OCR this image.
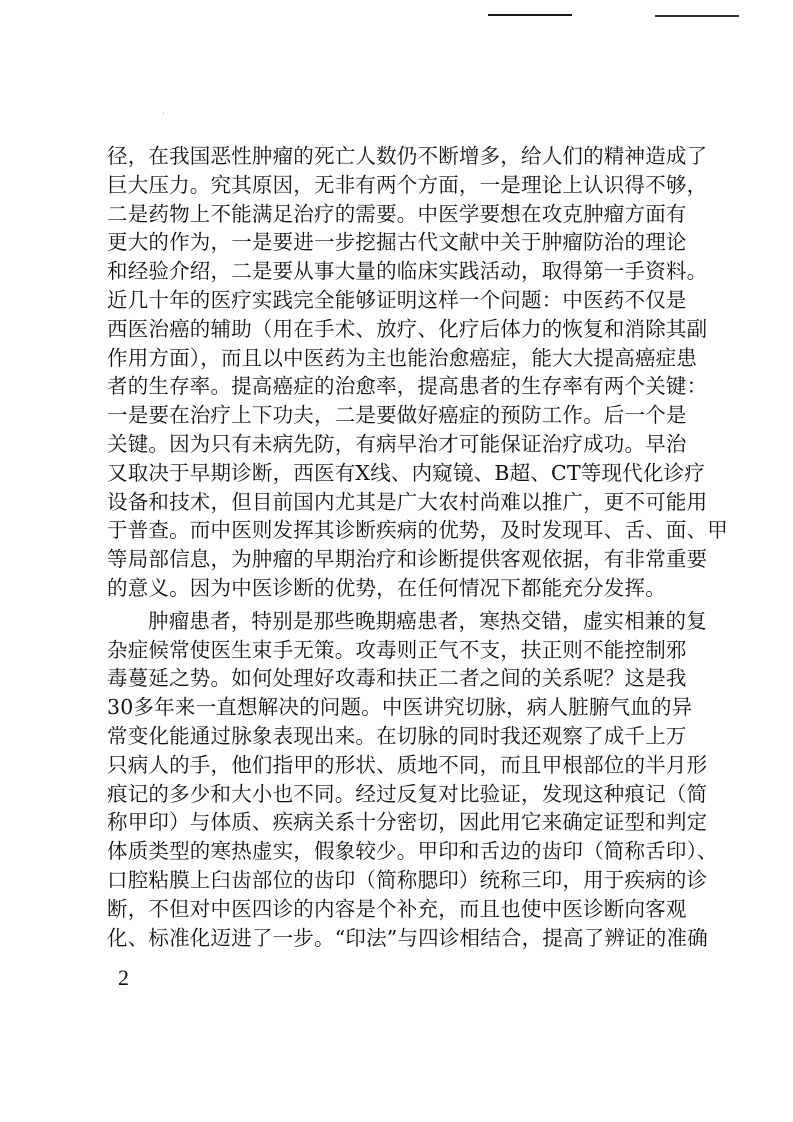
径，在我国恶性肿瘤的死亡人数仍不断增多，给人们的精神造成了
巨大压力。究其原因，无非有两个方面，一是理论上认识得不够，
二是药物上不能满足治疗的需要。中医学要想在攻克肿瘤方面有
更大的作为，一是要进一步挖掘古代文献中关于肿瘤防治的理论
和经验介绍，二是要从事大量的临床实践活动，取得第一手资料。
近几十年的医疗实践完全能够证明这样一个问题：中医药不仅是
西医治癌的辅助（用在手术、放疗、化疗后体力的恢复和消除其副
作用方面），而且以中医药为主也能治愈癌症，能大大提高癌症患
者的生存率。提高癌症的治愈率，提高患者的生存率有两个关键：
一是要在治疗上下功夫，二是要做好癌症的预防工作。后一个是
关键。因为只有未病先防，有病早治才可能保证治疗成功。早治
又取决于早期诊断，西医有X线、内窥镜、B超、CT等现代化诊疗
设备和技术，但目前国内尤其是广大农村尚难以推广，更不可能用
于普查。而中医则发挥其诊断疾病的优势，及时发现耳、舌、面、甲
等局部信息，为肿瘤的早期治疗和诊断提供客观依据，有非常重要
的意义。因为中医诊断的优势，在任何情况下都能充分发挥。
肿瘤患者，特别是那些晚期癌患者，寒热交错，虚实相兼的复
杂症候常使医生束手无策。攻毒则正气不支，扶正则不能控制邪
毒蔓延之势。如何处理好攻毒和扶正二者之间的关系呢？这是我
30多年来一直想解决的问题。中医讲究切脉，病人脏腑气血的异
常变化能通过脉象表现出来。在切脉的同时我还观察了成千上万
只病人的手，他们指甲的形状、质地不同，而且甲根部位的半月形
痕记的多少和大小也不同。经过反复对比验证，发现这种痕记（简
称甲印）与体质、疾病关系十分密切，因此用它来确定证型和判定
体质类型的寒热虚实，假象较少。甲印和舌边的齿印（简称舌印）、
口腔粘膜上臼齿部位的齿印（简称腮印）统称三印，用于疾病的诊
断，不但对中医四诊的内容是个补充，而且也使中医诊断向客观
化、标准化迈进了一步。“印法”与四诊相结合，提高了辨证的准确
2
